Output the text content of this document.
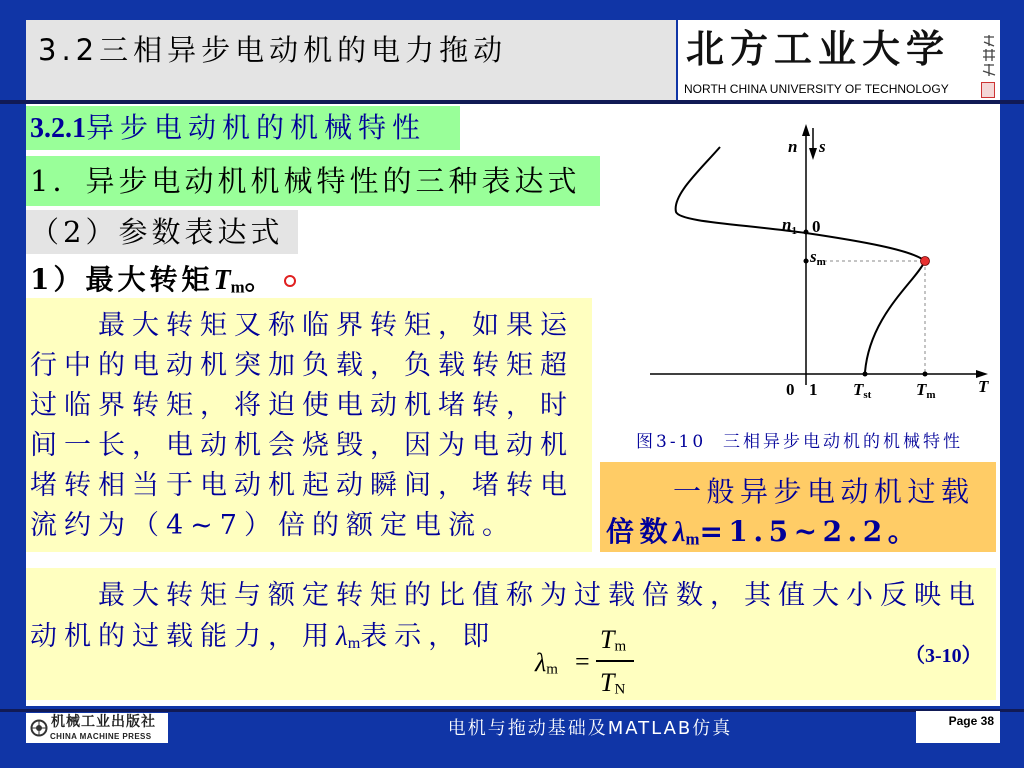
3.2三相异步电动机的电力拖动	北方工业大学
NORTH CHINA UNIVERSITY OF TECHNOLOGY
3.2.1异步电动机的机械特性
1．异步电动机机械特性的三种表达式
（2）参数表达式
1）最大转矩$T_m$。
　　最大转矩又称临界转矩，如果运
行中的电动机突加负载，负载转矩超
过临界转矩，将迫使电动机堵转，时
间一长，电动机会烧毁，因为电动机
堵转相当于电动机起动瞬间，堵转电
流约为（4~7）倍的额定电流。
n s
$n_1$ 0
sm
0 1 Tst	Tm T
图3-10  三相异步电动机的机械特性
　　一般异步电动机过载
倍数$\lambda_m=1.5\sim 2.2$。
　　最大转矩与额定转矩的比值称为过载倍数，其值大小反映电
动机的过载能力，用$\lambda_m$表示，即
$\lambda_m$ =
$T_m$
$T_N$
（3-10）
机械工业出版社
CHINA MACHINE PRESS	电机与拖动基础及MATLAB仿真	Page 38
